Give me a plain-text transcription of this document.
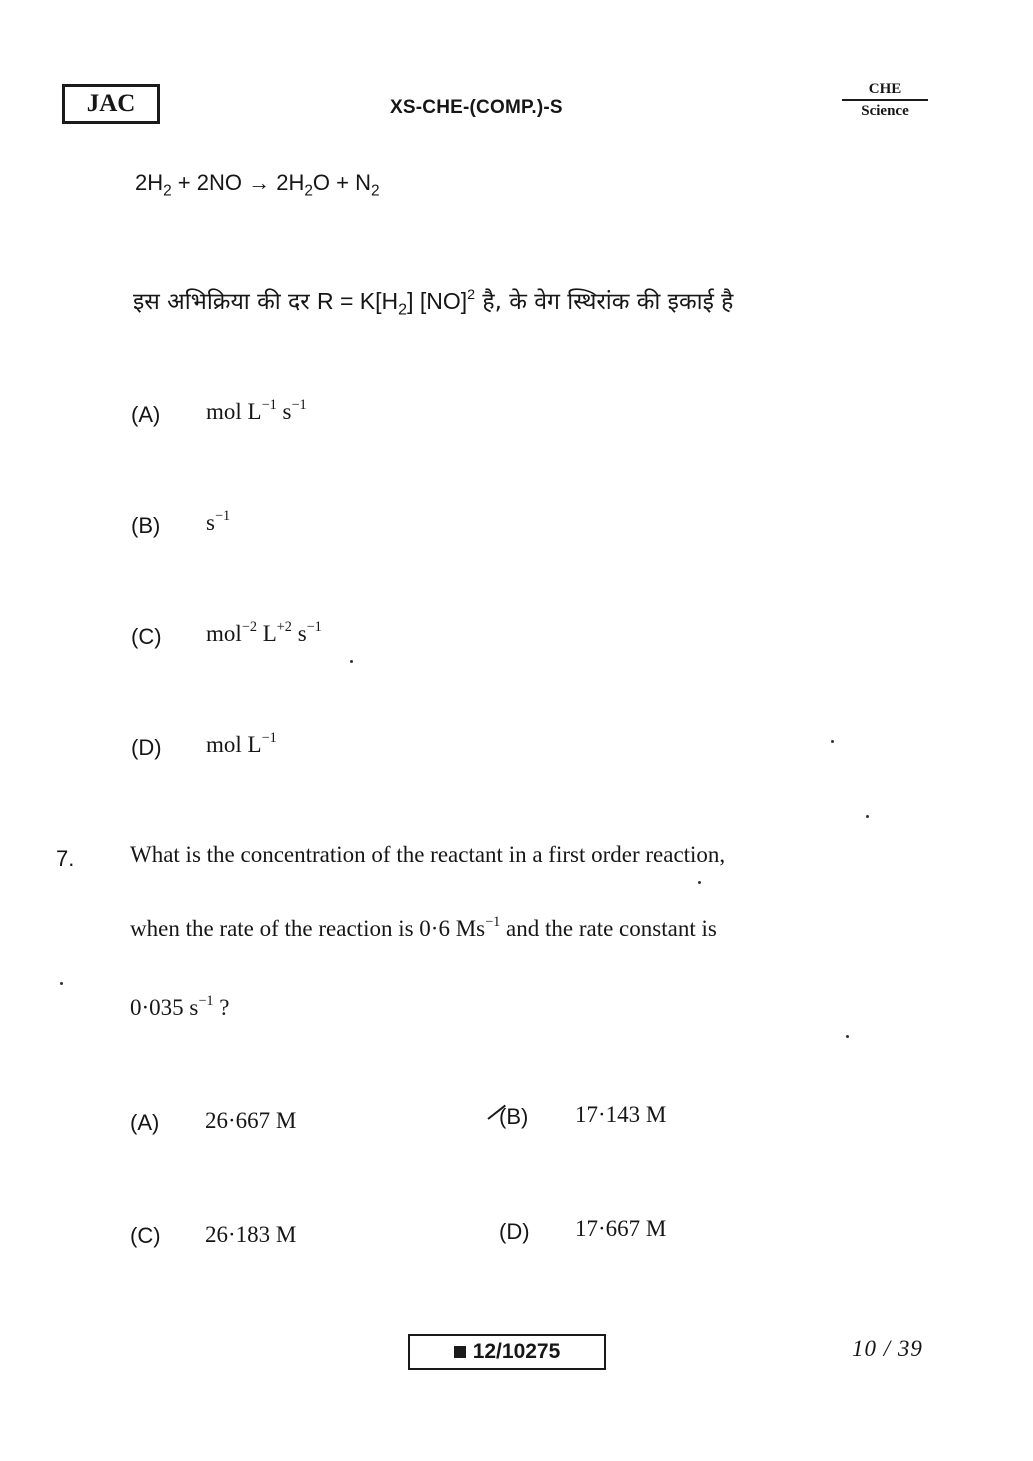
JAC	XS-CHE-(COMP.)-S
CHE
Science
$2H_2 + 2NO \to 2H_2O + N_2$
इस अभिक्रिया की दर $R = K[H_2]$ [NO]$^2$ है, के वेग स्थिरांक की इकाई है
(A) mol $L^{-1}$ $s^{-1}$
(B) $s^{-1}$
(C) mol$^{-2}$ $L^{+2}$ $s^{-1}$
(D) mol $L^{-1}$
7. What is the concentration of the reactant in a first order reaction,
when the rate of the reaction is 0·6 $Ms^{-1}$ and the rate constant is
0·035 $s^{-1}$ ?
(A) 26·667 M	(B) 17·143 M
(C) 26·183 M	(D) 17·667 M
12/10275	10 / 39
